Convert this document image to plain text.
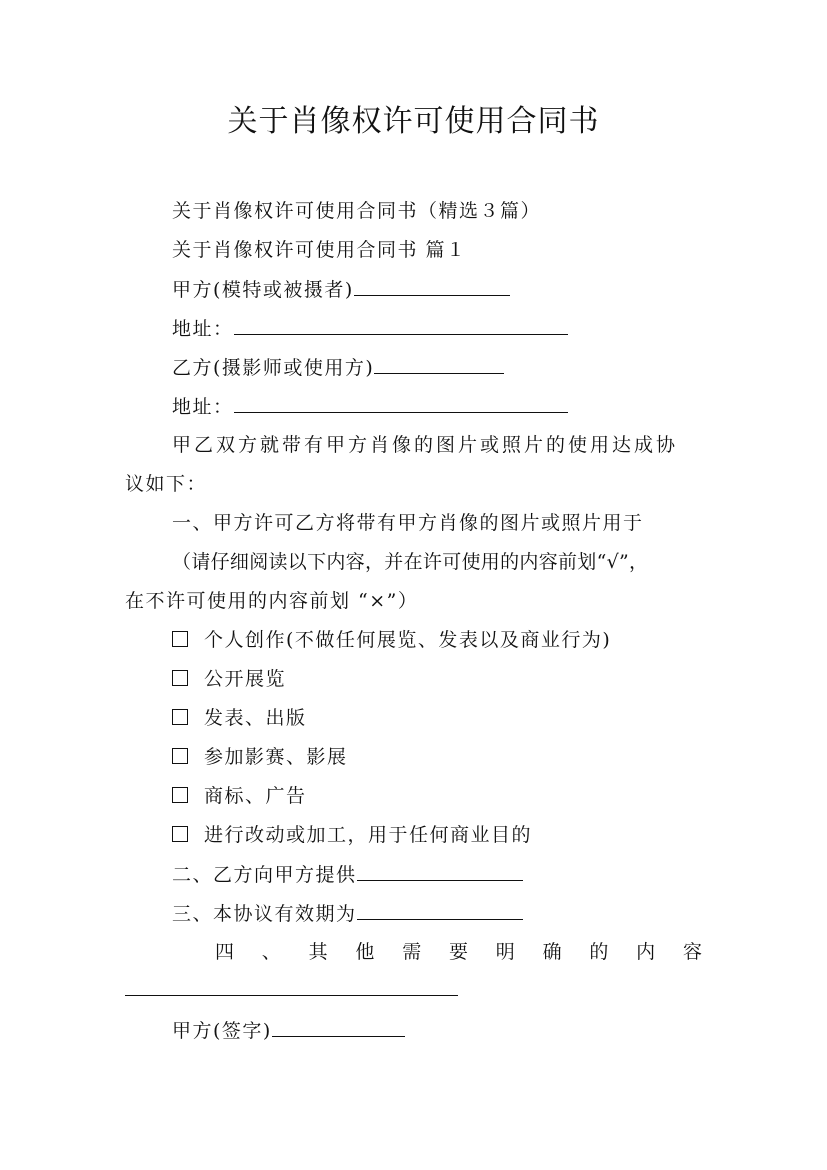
关于肖像权许可使用合同书
关于肖像权许可使用合同书（精选３篇）
关于肖像权许可使用合同书 篇１
甲方(模特或被摄者)
地址：
乙方(摄影师或使用方)
地址：
甲乙双方就带有甲方肖像的图片或照片的使用达成协
议如下：
一、甲方许可乙方将带有甲方肖像的图片或照片用于
（请仔细阅读以下内容，并在许可使用的内容前划“√”，
在不许可使用的内容前划 “×”）
个人创作(不做任何展览、发表以及商业行为)
公开展览
发表、出版
参加影赛、影展
商标、广告
进行改动或加工，用于任何商业目的
二、乙方向甲方提供
三、本协议有效期为
四 、 其 他 需 要 明 确 的 内 容
甲方(签字)
